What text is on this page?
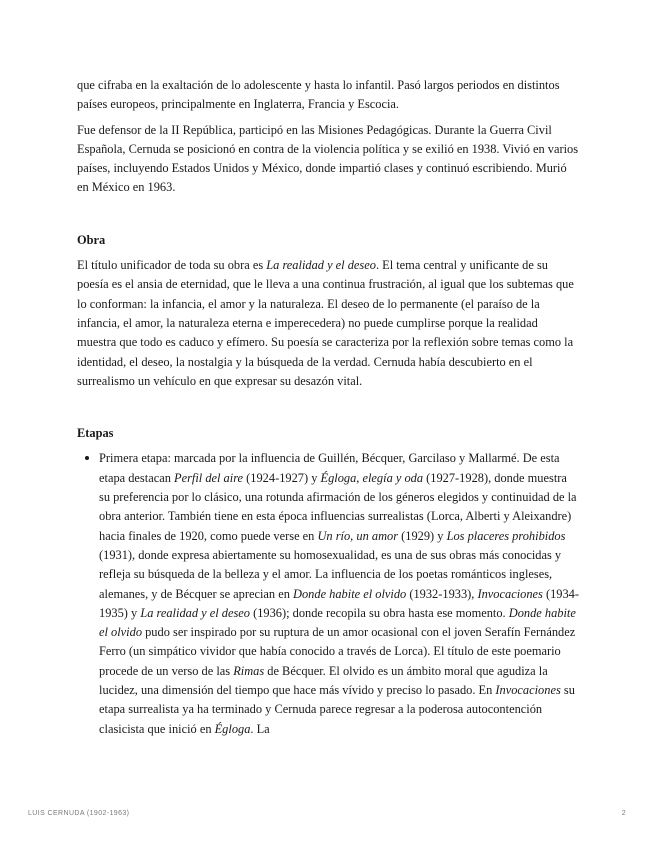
que cifraba en la exaltación de lo adolescente y hasta lo infantil. Pasó largos periodos en distintos países europeos, principalmente en Inglaterra, Francia y Escocia.

Fue defensor de la II República, participó en las Misiones Pedagógicas. Durante la Guerra Civil Española, Cernuda se posicionó en contra de la violencia política y se exilió en 1938. Vivió en varios países, incluyendo Estados Unidos y México, donde impartió clases y continuó escribiendo. Murió en México en 1963.

Obra

El título unificador de toda su obra es La realidad y el deseo. El tema central y unificante de su poesía es el ansia de eternidad, que le lleva a una continua frustración, al igual que los subtemas que lo conforman: la infancia, el amor y la naturaleza. El deseo de lo permanente (el paraíso de la infancia, el amor, la naturaleza eterna e imperecedera) no puede cumplirse porque la realidad muestra que todo es caduco y efímero. Su poesía se caracteriza por la reflexión sobre temas como la identidad, el deseo, la nostalgia y la búsqueda de la verdad. Cernuda había descubierto en el surrealismo un vehículo en que expresar su desazón vital.

Etapas
Primera etapa: marcada por la influencia de Guillén, Bécquer, Garcilaso y Mallarmé. De esta etapa destacan Perfil del aire (1924-1927) y Égloga, elegía y oda (1927-1928), donde muestra su preferencia por lo clásico, una rotunda afirmación de los géneros elegidos y continuidad de la obra anterior. También tiene en esta época influencias surrealistas (Lorca, Alberti y Aleixandre) hacia finales de 1920, como puede verse en Un río, un amor (1929) y Los placeres prohibidos (1931), donde expresa abiertamente su homosexualidad, es una de sus obras más conocidas y refleja su búsqueda de la belleza y el amor. La influencia de los poetas románticos ingleses, alemanes, y de Bécquer se aprecian en Donde habite el olvido (1932-1933), Invocaciones (1934-1935) y La realidad y el deseo (1936); donde recopila su obra hasta ese momento. Donde habite el olvido pudo ser inspirado por su ruptura de un amor ocasional con el joven Serafín Fernández Ferro (un simpático vividor que había conocido a través de Lorca). El título de este poemario procede de un verso de las Rimas de Bécquer. El olvido es un ámbito moral que agudiza la lucidez, una dimensión del tiempo que hace más vívido y preciso lo pasado. En Invocaciones su etapa surrealista ya ha terminado y Cernuda parece regresar a la poderosa autocontención clasicista que inició en Égloga. La
LUIS CERNUDA (1902-1963)	2
